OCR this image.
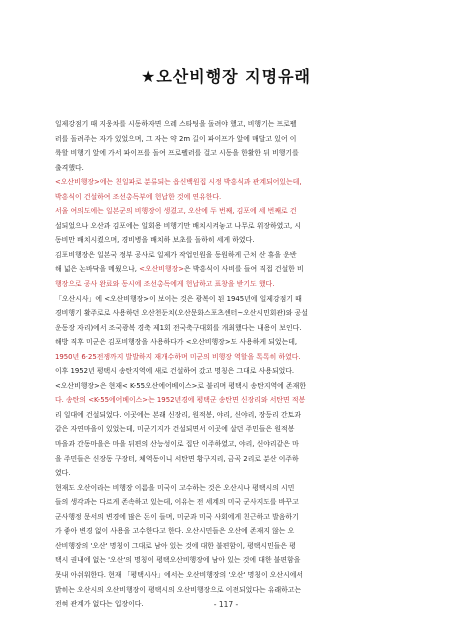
★오산비행장 지명유래
일제강점기 때 지웅차를 시동하자면 으레 스타팅을 돌려야 했고, 비행기는 프로펠
러를 돌려주는 자가 있었으며, 그 자는 약 2m 길이 파이프가 앞에 매달고 있어 이
륙할 비행기 앞에 가서 파이프를 돌여 프로펠러를 걸고 시동을 한활한 뒤 비행기를
출격했다.
<오산비행장>에는 친일파로 분류되는 읍신백원집 시정 박흥식과 관계되어있는데,
박흥식이 건설하여 조선총독부에 헌납한 것에 연유한다.
서울 여의도에는 일본군의 비행장이 생겼고, 오산에 두 번째, 김포에 세 번째로 건
설되었으나 오산과 김포에는 일회용 비행기만 배치시켜놓고 나무로 위장하였고, 시
동비만 배치시켰으며, 경비병을 배치하 보초를 돌하히 세게 하였다.
김포비행장은 일본국 정부 공사로 일제가 작업인원을 동원하게 근처 산 휴을 운반
해 넓은 논바닥을 메웠으나, <오산비행장>은 박흥식이 사비를 들여 직접 건설한 비
행장으로 공사 완료와 동시에 조선총독에게 헌납하고 표창을 받기도 했다.
「오산시사」에 <오산비행장>이 보이는 것은 광복이 된 1945년에 일제강점기 때
경비행기 활주로로 사용하던 오산천둔치(오산문화스포츠센터~오산시민회관)와 공설
운동장 자리)에서 조국광복 경축 제1회 전국축구대회를 개최했다는 내용이 보인다.
해방 직후 미군은 김포비행장을 사용하다가 <오산비행장>도 사용하게 되었는데,
1950년 6·25전쟁까지 발발하지 재개수하며 미군의 비행장 역할을 톡톡히 하였다.
이후 1952년 평택시 송탄지역에 새로 건설하여 갔고 명칭은 그대로 사용되었다.
<오산비행장>은 현재< K-55오산에어베이스>로 불리며 평택시 송탄지역에 존재한
다. 송탄의 <K-55에어베이스>는 1952년경에 평택군 송탄면 신장리와 서탄면 적봉
리 일대에 건설되었다. 이곳에는 본래 신장리, 원적봉, 야리, 신야리, 장등리 간토과
같은 자연마을이 있었는데, 미군기지가 건설되면서 이곳에 살던 주민들은 원적봉
마을과 간동마을은 마을 뒤편의 산능성이로 집단 이주하였고, 야리, 신야리같은 마
을 주민들은 신장동 구장터, 체역동이니 서탄면 황구지리, 금곡 2리로 분산 이주하
였다.
현재도 오산이라는 비행장 이름을 미국이 고수하는 것은 오산시나 평택시의 시민
들의 생각과는 다르게 존속하고 있는데, 이유는 전 세계의 미국 군사지도를 바꾸고
군사행정 문서의 변경에 많은 돈이 들며, 미군과 미국 사회에게 친근하고 발음하기
가 좋아 변경 없이 사용을 고수한다고 한다. 오산시민들은 오산에 존재지 않는 오
산비행장의 '오산' 명칭이 그대로 남아 있는 것에 대한 불편함이, 평택시민들은 평
택시 권내에 없는 '오산'의 명칭이 평택오산비행장에 남아 있는 것에 대한 불편함을
못내 아쉬워한다. 현재 「평택시사」에서는 오산비행장의 '오산' 명칭이 오산시에서
밝히는 오산시의 오산비행장이 평택시의 오산비행장으로 이전되었다는 유래하고는
전혀 관계가 없다는 입장이다.	- 117 -
